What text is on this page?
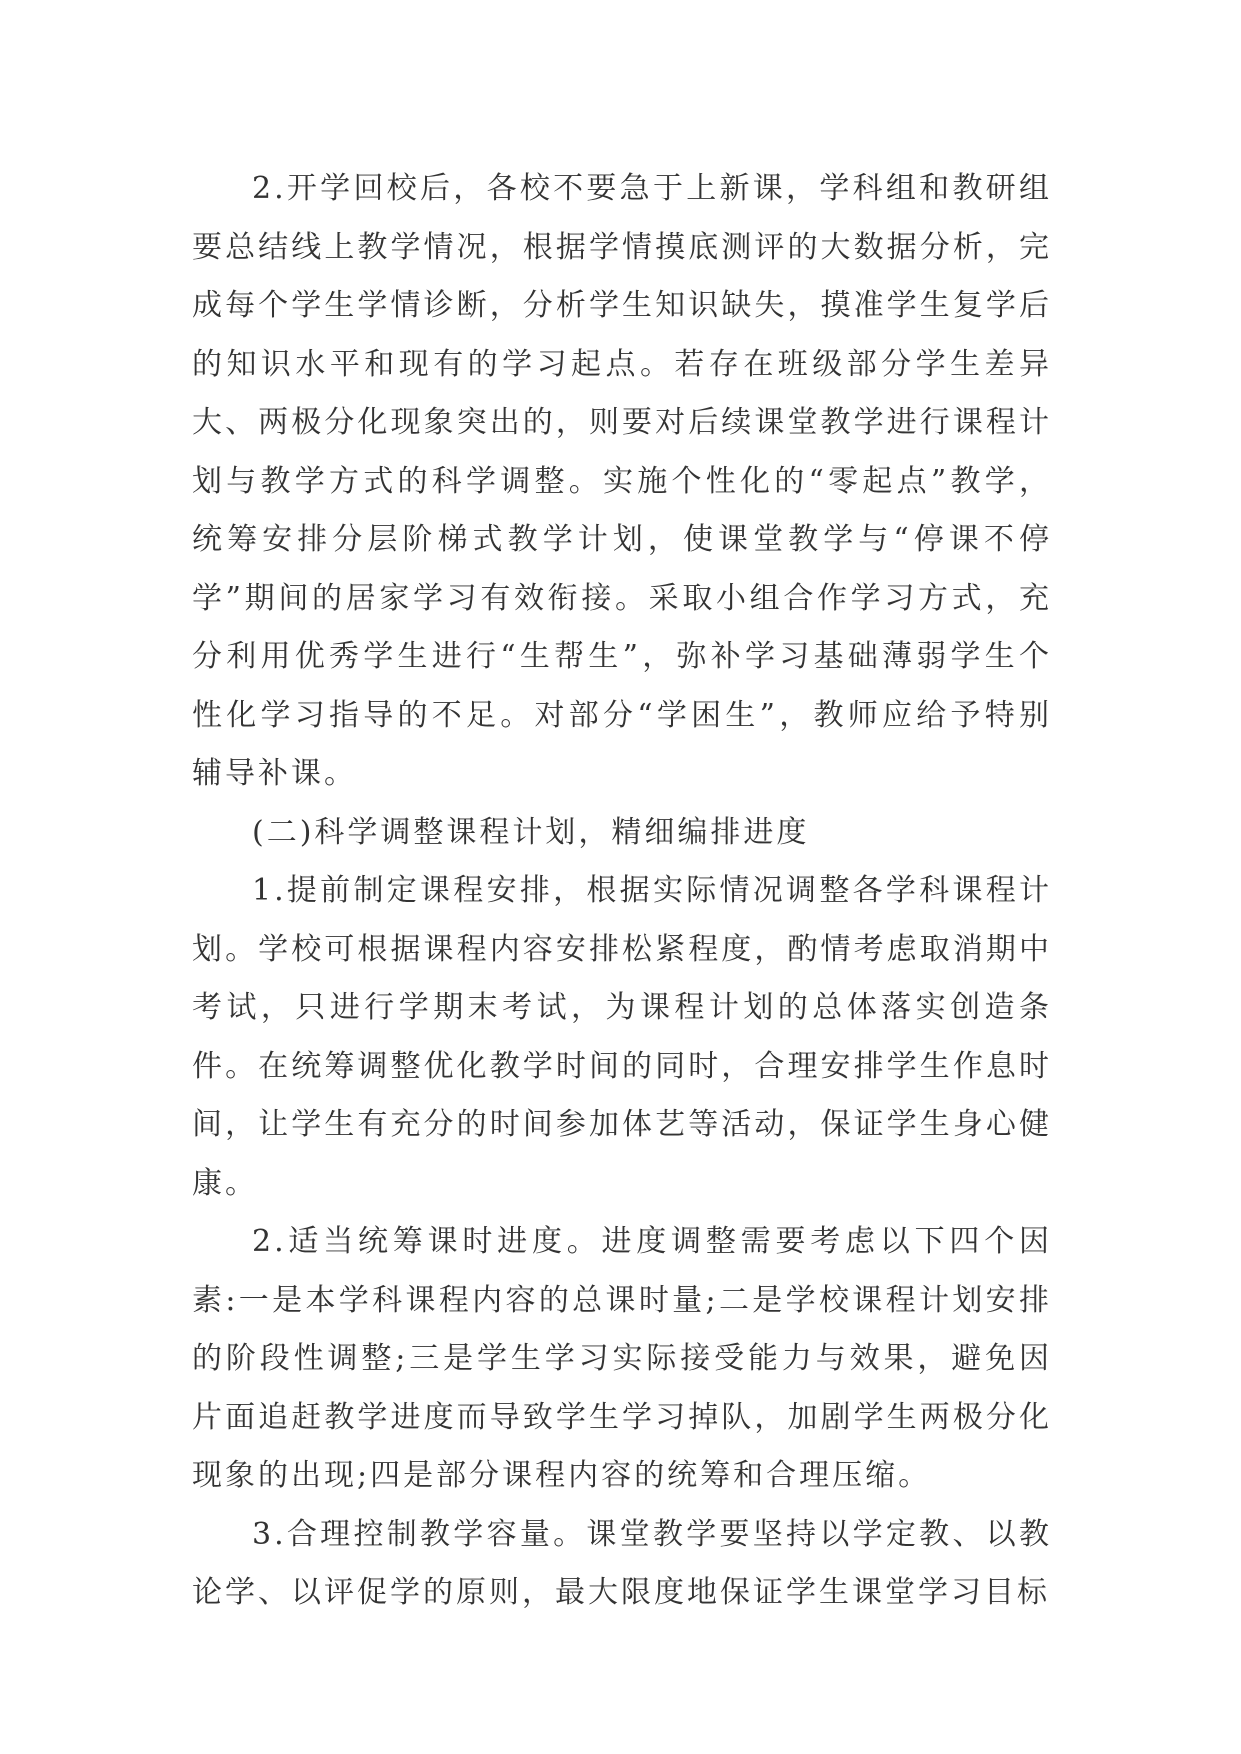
2.开学回校后，各校不要急于上新课，学科组和教研组要总结线上教学情况，根据学情摸底测评的大数据分析，完成每个学生学情诊断，分析学生知识缺失，摸准学生复学后的知识水平和现有的学习起点。若存在班级部分学生差异大、两极分化现象突出的，则要对后续课堂教学进行课程计划与教学方式的科学调整。实施个性化的“零起点”教学，统筹安排分层阶梯式教学计划，使课堂教学与“停课不停学”期间的居家学习有效衔接。采取小组合作学习方式，充分利用优秀学生进行“生帮生”，弥补学习基础薄弱学生个性化学习指导的不足。对部分“学困生”，教师应给予特别辅导补课。

(二)科学调整课程计划，精细编排进度

1.提前制定课程安排，根据实际情况调整各学科课程计划。学校可根据课程内容安排松紧程度，酌情考虑取消期中考试，只进行学期末考试，为课程计划的总体落实创造条件。在统筹调整优化教学时间的同时，合理安排学生作息时间，让学生有充分的时间参加体艺等活动，保证学生身心健康。

2.适当统筹课时进度。进度调整需要考虑以下四个因素:一是本学科课程内容的总课时量;二是学校课程计划安排的阶段性调整;三是学生学习实际接受能力与效果，避免因片面追赶教学进度而导致学生学习掉队，加剧学生两极分化现象的出现;四是部分课程内容的统筹和合理压缩。

3.合理控制教学容量。课堂教学要坚持以学定教、以教论学、以评促学的原则，最大限度地保证学生课堂学习目标
